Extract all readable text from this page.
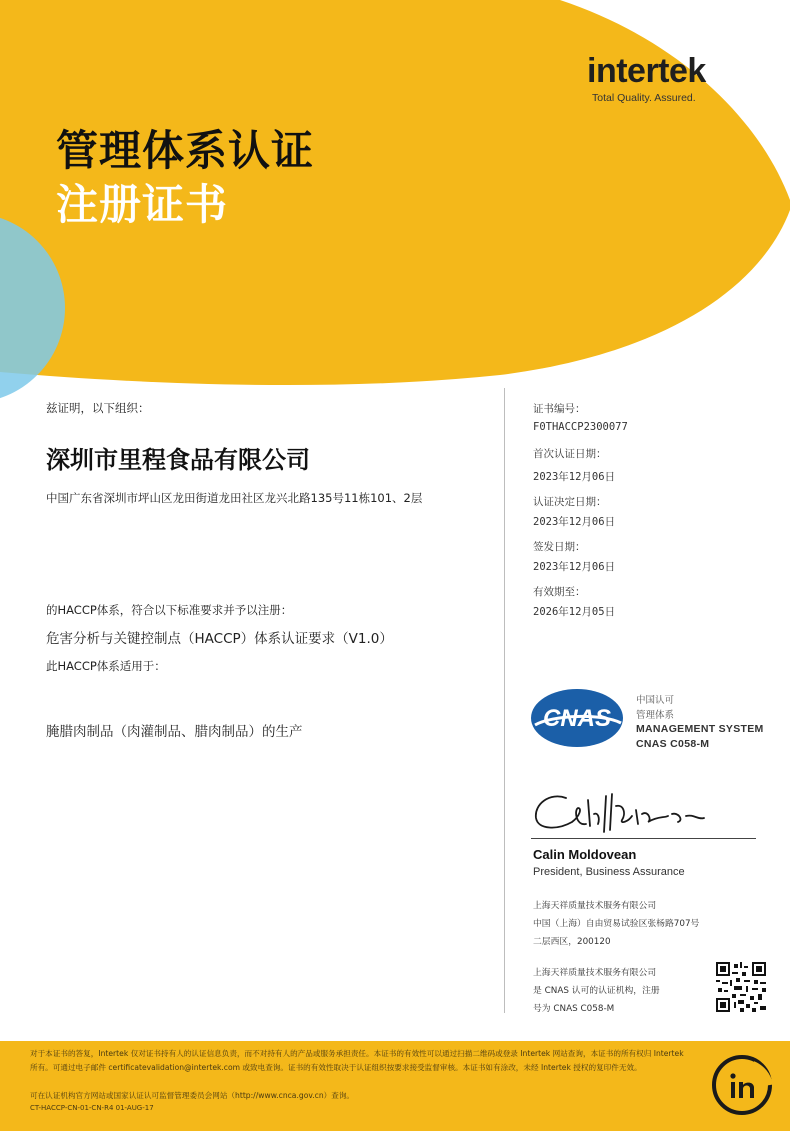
intertek
Total Quality. Assured.
管理体系认证
注册证书
兹证明，以下组织：
深圳市里程食品有限公司
中国广东省深圳市坪山区龙田街道龙田社区龙兴北路135号11栋101、2层
的HACCP体系，符合以下标准要求并予以注册：
危害分析与关键控制点（HACCP）体系认证要求（V1.0）
此HACCP体系适用于：
腌腊肉制品（肉灌制品、腊肉制品）的生产
证书编号：
F0THACCP2300077
首次认证日期：
2023年12月06日
认证决定日期：
2023年12月06日
签发日期：
2023年12月06日
有效期至：
2026年12月05日
CNAS
中国认可
管理体系
MANAGEMENT SYSTEM
CNAS C058-M
Calin Moldovean
President, Business Assurance
上海天祥质量技术服务有限公司
中国（上海）自由贸易试验区张杨路707号
二层西区，200120
上海天祥质量技术服务有限公司
是 CNAS 认可的认证机构，注册
号为 CNAS C058-M
对于本证书的答复，Intertek 仅对证书持有人的认证信息负责，而不对持有人的产品或服务承担责任。本证书的有效性可以通过扫描二维码或登录 Intertek 网站查询，本证书的所有权归 Intertek
所有。可通过电子邮件 certificatevalidation@intertek.com 或致电查询。证书的有效性取决于认证组织按要求接受监督审核。本证书如有涂改，未经 Intertek 授权的复印件无效。
可在认证机构官方网站或国家认证认可监督管理委员会网站（http://www.cnca.gov.cn）查询。
CT-HACCP-CN-01-CN-R4 01-AUG-17
